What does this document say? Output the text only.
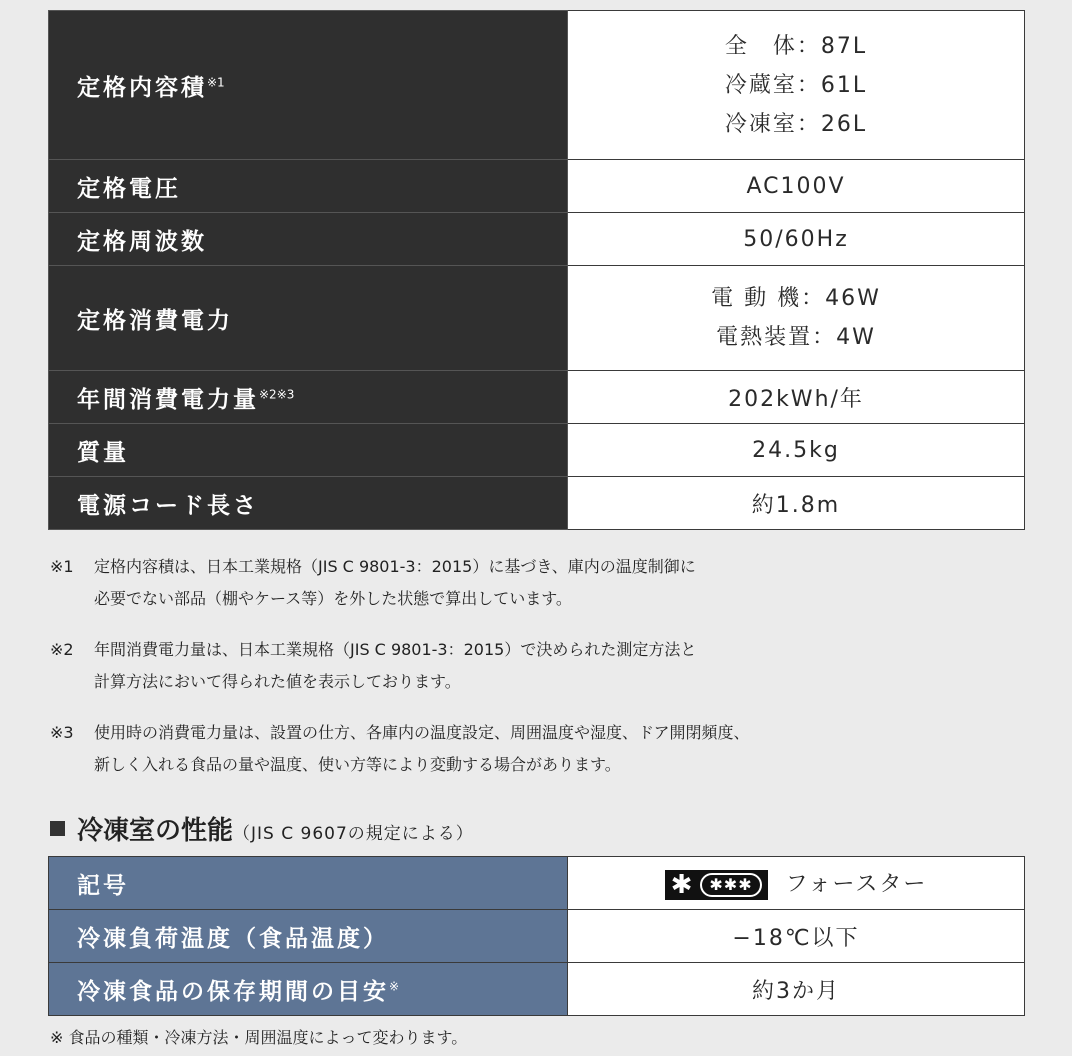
定格内容積$^{※1}$	全　体：87L
冷蔵室：61L
冷凍室：26L

定格電圧	AC100V
定格周波数	50/60Hz
定格消費電力	電 動 機：46W
電熱装置：4W

年間消費電力量$^{※2※3}$	202kWh/年
質量	24.5kg
電源コード長さ	約1.8m
※1 定格内容積は、日本工業規格（JIS C 9801-3：2015）に基づき、庫内の温度制御に
必要でない部品（棚やケース等）を外した状態で算出しています。
※2 年間消費電力量は、日本工業規格（JIS C 9801-3：2015）で決められた測定方法と
計算方法において得られた値を表示しております。
※3 使用時の消費電力量は、設置の仕方、各庫内の温度設定、周囲温度や湿度、ドア開閉頻度、
新しく入れる食品の量や温度、使い方等により変動する場合があります。
冷凍室の性能（JIS C 9607の規定による）
記号	✱ ✱✱✱ フォースター
冷凍負荷温度（食品温度）	−18℃以下
冷凍食品の保存期間の目安※	約3か月
※ 食品の種類・冷凍方法・周囲温度によって変わります。
